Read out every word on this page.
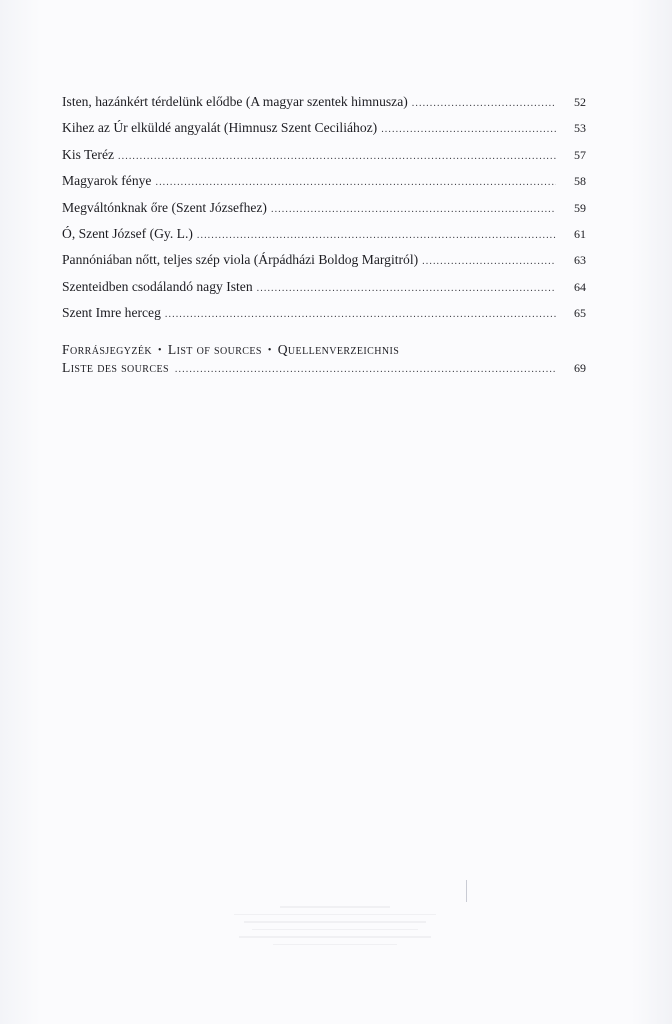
Isten, hazánkért térdelünk elődbe (A magyar szentek himnusza) .....	52
Kihez az Úr elküldé angyalát (Himnusz Szent Ceciliához) .....	53
Kis Teréz .....	57
Magyarok fénye .....	58
Megváltónknak őre (Szent Józsefhez) .....	59
Ó, Szent József (Gy. L.) .....	61
Pannóniában nőtt, teljes szép viola (Árpádházi Boldog Margitról) .....	63
Szenteidben csodálandó nagy Isten .....	64
Szent Imre herceg .....	65
Forrásjegyzék • List of sources • Quellenverzeichnis
Liste des sources .....	69
